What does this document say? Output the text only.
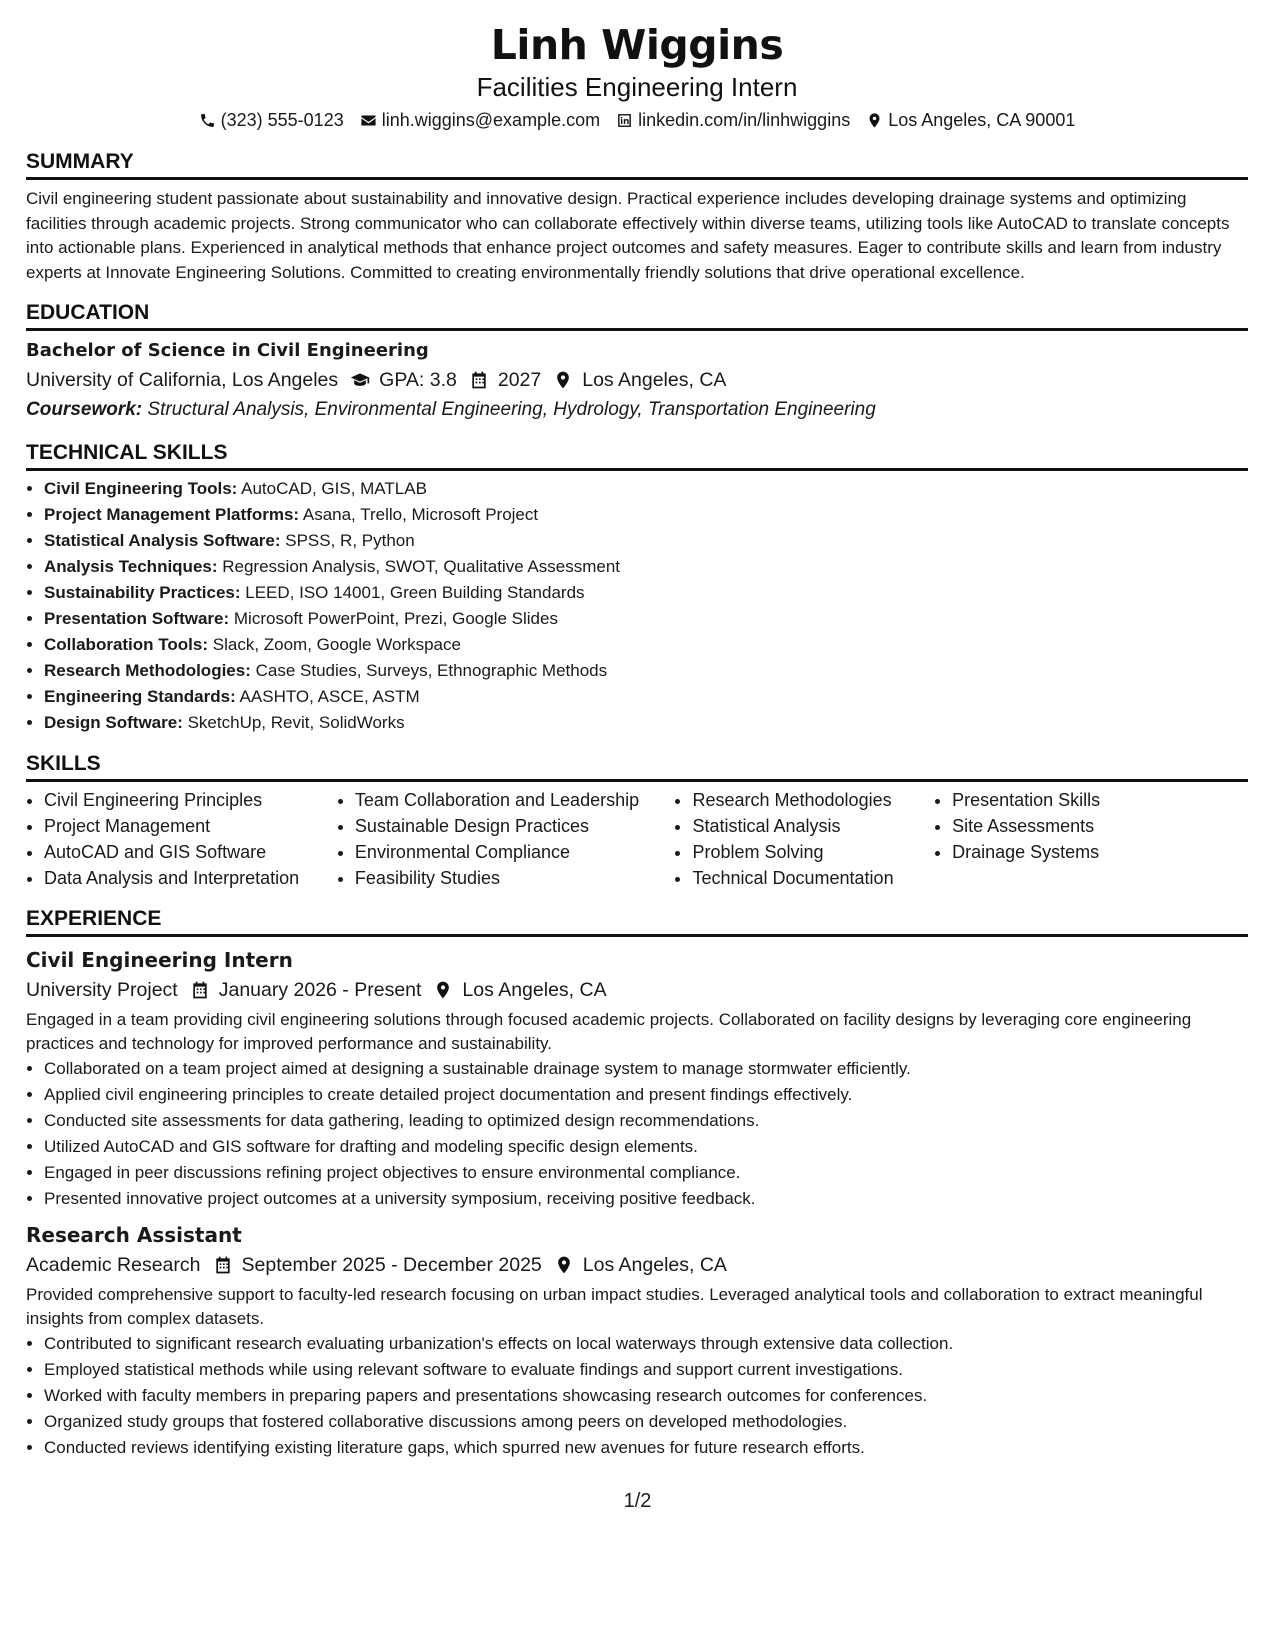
Linh Wiggins
Facilities Engineering Intern
(323) 555-0123 linh.wiggins@example.com linkedin.com/in/linhwiggins Los Angeles, CA 90001
SUMMARY

Civil engineering student passionate about sustainability and innovative design. Practical experience includes developing drainage systems and optimizing facilities through academic projects. Strong communicator who can collaborate effectively within diverse teams, utilizing tools like AutoCAD to translate concepts into actionable plans. Experienced in analytical methods that enhance project outcomes and safety measures. Eager to contribute skills and learn from industry experts at Innovate Engineering Solutions. Committed to creating environmentally friendly solutions that drive operational excellence.

EDUCATION
Bachelor of Science in Civil Engineering
University of California, Los Angeles GPA: 3.8 2027 Los Angeles, CA
Coursework: Structural Analysis, Environmental Engineering, Hydrology, Transportation Engineering
TECHNICAL SKILLS
• Civil Engineering Tools: AutoCAD, GIS, MATLAB
• Project Management Platforms: Asana, Trello, Microsoft Project
• Statistical Analysis Software: SPSS, R, Python
• Analysis Techniques: Regression Analysis, SWOT, Qualitative Assessment
• Sustainability Practices: LEED, ISO 14001, Green Building Standards
• Presentation Software: Microsoft PowerPoint, Prezi, Google Slides
• Collaboration Tools: Slack, Zoom, Google Workspace
• Research Methodologies: Case Studies, Surveys, Ethnographic Methods
• Engineering Standards: AASHTO, ASCE, ASTM
• Design Software: SketchUp, Revit, SolidWorks
SKILLS
• Civil Engineering Principles
• Project Management
• AutoCAD and GIS Software
• Data Analysis and Interpretation
• Team Collaboration and Leadership
• Sustainable Design Practices
• Environmental Compliance
• Feasibility Studies
• Research Methodologies
• Statistical Analysis
• Problem Solving
• Technical Documentation
• Presentation Skills
• Site Assessments
• Drainage Systems
EXPERIENCE
Civil Engineering Intern
University Project January 2026 - Present Los Angeles, CA
Engaged in a team providing civil engineering solutions through focused academic projects. Collaborated on facility designs by leveraging core engineering practices and technology for improved performance and sustainability.
• Collaborated on a team project aimed at designing a sustainable drainage system to manage stormwater efficiently.
• Applied civil engineering principles to create detailed project documentation and present findings effectively.
• Conducted site assessments for data gathering, leading to optimized design recommendations.
• Utilized AutoCAD and GIS software for drafting and modeling specific design elements.
• Engaged in peer discussions refining project objectives to ensure environmental compliance.
• Presented innovative project outcomes at a university symposium, receiving positive feedback.
Research Assistant
Academic Research September 2025 - December 2025 Los Angeles, CA
Provided comprehensive support to faculty-led research focusing on urban impact studies. Leveraged analytical tools and collaboration to extract meaningful insights from complex datasets.
• Contributed to significant research evaluating urbanization's effects on local waterways through extensive data collection.
• Employed statistical methods while using relevant software to evaluate findings and support current investigations.
• Worked with faculty members in preparing papers and presentations showcasing research outcomes for conferences.
• Organized study groups that fostered collaborative discussions among peers on developed methodologies.
• Conducted reviews identifying existing literature gaps, which spurred new avenues for future research efforts.
1/2
